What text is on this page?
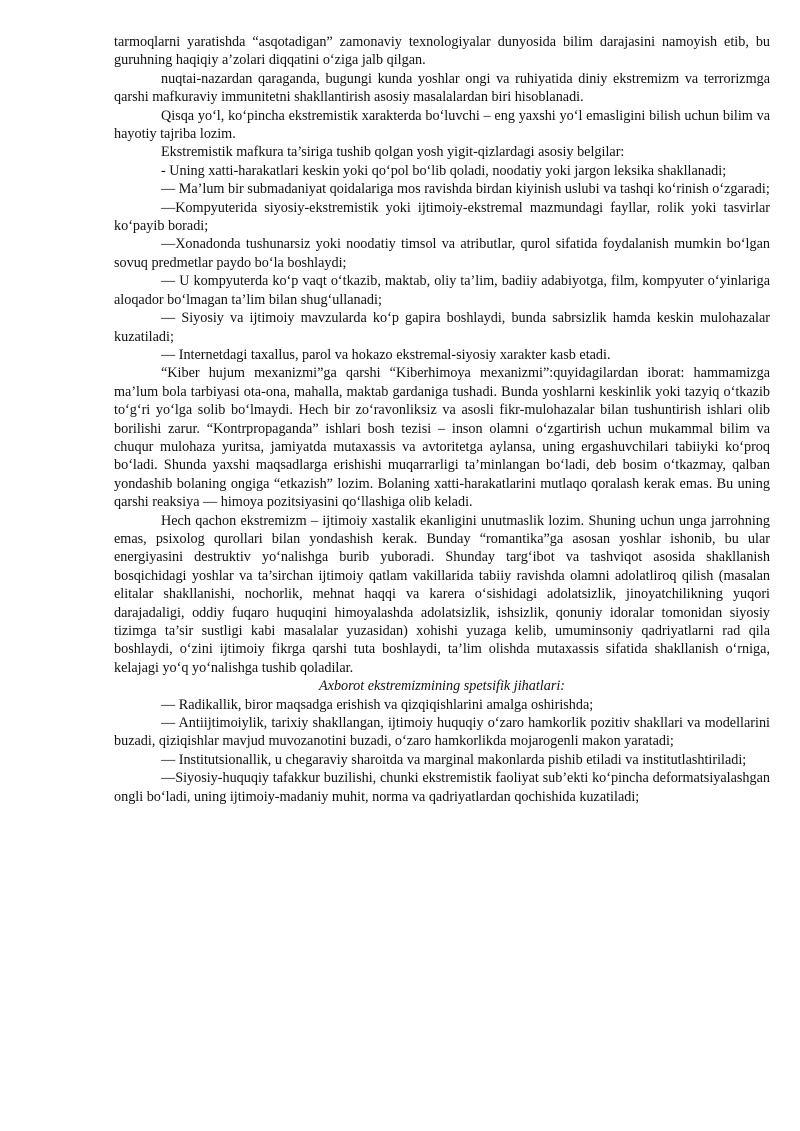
tarmoqlarni yaratishda “asqotadigan” zamonaviy texnologiyalar dunyosida bilim darajasini namoyish etib, bu guruhning haqiqiy a’zolari diqqatini o‘ziga jalb qilgan.

nuqtai-nazardan qaraganda, bugungi kunda yoshlar ongi va ruhiyatida diniy ekstremizm va terrorizmga qarshi mafkuraviy immunitetni shakllantirish asosiy masalalardan biri hisoblanadi.

Qisqa yo‘l, ko‘pincha ekstremistik xarakterda bo‘luvchi – eng yaxshi yo‘l emasligini bilish uchun bilim va hayotiy tajriba lozim.

Ekstremistik mafkura ta’siriga tushib qolgan yosh yigit-qizlardagi asosiy belgilar:

- Uning xatti-harakatlari keskin yoki qo‘pol bo‘lib qoladi, noodatiy yoki jargon leksika shakllanadi;

— Ma’lum bir submadaniyat qoidalariga mos ravishda birdan kiyinish uslubi va tashqi ko‘rinish o‘zgaradi;

—Kompyuterida siyosiy-ekstremistik yoki ijtimoiy-ekstremal mazmundagi fayllar, rolik yoki tasvirlar ko‘payib boradi;

—Xonadonda tushunarsiz yoki noodatiy timsol va atributlar, qurol sifatida foydalanish mumkin bo‘lgan sovuq predmetlar paydo bo‘la boshlaydi;

— U kompyuterda ko‘p vaqt o‘tkazib, maktab, oliy ta’lim, badiiy adabiyotga, film, kompyuter o‘yinlariga aloqador bo‘lmagan ta’lim bilan shug‘ullanadi;

— Siyosiy va ijtimoiy mavzularda ko‘p gapira boshlaydi, bunda sabrsizlik hamda keskin mulohazalar kuzatiladi;

— Internetdagi taxallus, parol va hokazo ekstremal-siyosiy xarakter kasb etadi.

“Kiber hujum mexanizmi”ga qarshi “Kiberhimoya mexanizmi”:quyidagilardan iborat: hammamizga ma’lum bola tarbiyasi ota-ona, mahalla, maktab gardaniga tushadi. Bunda yoshlarni keskinlik yoki tazyiq o‘tkazib to‘g‘ri yo‘lga solib bo‘lmaydi. Hech bir zo‘ravonliksiz va asosli fikr-mulohazalar bilan tushuntirish ishlari olib borilishi zarur. “Kontrpropaganda” ishlari bosh tezisi – inson olamni o‘zgartirish uchun mukammal bilim va chuqur mulohaza yuritsa, jamiyatda mutaxassis va avtoritetga aylansa, uning ergashuvchilari tabiiyki ko‘proq bo‘ladi. Shunda yaxshi maqsadlarga erishishi muqarrarligi ta’minlangan bo‘ladi, deb bosim o‘tkazmay, qalban yondashib bolaning ongiga “etkazish” lozim. Bolaning xatti-harakatlarini mutlaqo qoralash kerak emas. Bu uning qarshi reaksiya — himoya pozitsiyasini qo‘llashiga olib keladi.

Hech qachon ekstremizm – ijtimoiy xastalik ekanligini unutmaslik lozim. Shuning uchun unga jarrohning emas, psixolog qurollari bilan yondashish kerak. Bunday “romantika”ga asosan yoshlar ishonib, bu ular energiyasini destruktiv yo‘nalishga burib yuboradi. Shunday targ‘ibot va tashviqot asosida shakllanish bosqichidagi yoshlar va ta’sirchan ijtimoiy qatlam vakillarida tabiiy ravishda olamni adolatliroq qilish (masalan elitalar shakllanishi, nochorlik, mehnat haqqi va karera o‘sishidagi adolatsizlik, jinoyatchilikning yuqori darajadaligi, oddiy fuqaro huquqini himoyalashda adolatsizlik, ishsizlik, qonuniy idoralar tomonidan siyosiy tizimga ta’sir sustligi kabi masalalar yuzasidan) xohishi yuzaga kelib, umuminsoniy qadriyatlarni rad qila boshlaydi, o‘zini ijtimoiy fikrga qarshi tuta boshlaydi, ta’lim olishda mutaxassis sifatida shakllanish o‘rniga, kelajagi yo‘q yo‘nalishga tushib qoladilar.

Axborot ekstremizmining spetsifik jihatlari:

— Radikallik, biror maqsadga erishish va qizqiqishlarini amalga oshirishda;

— Antiijtimoiylik, tarixiy shakllangan, ijtimoiy huquqiy o‘zaro hamkorlik pozitiv shakllari va modellarini buzadi, qiziqishlar mavjud muvozanotini buzadi, o‘zaro hamkorlikda mojarogenli makon yaratadi;

— Institutsionallik, u chegaraviy sharoitda va marginal makonlarda pishib etiladi va institutlashtiriladi;

—Siyosiy-huquqiy tafakkur buzilishi, chunki ekstremistik faoliyat sub’ekti ko‘pincha deformatsiyalashgan ongli bo‘ladi, uning ijtimoiy-madaniy muhit, norma va qadriyatlardan qochishida kuzatiladi;
